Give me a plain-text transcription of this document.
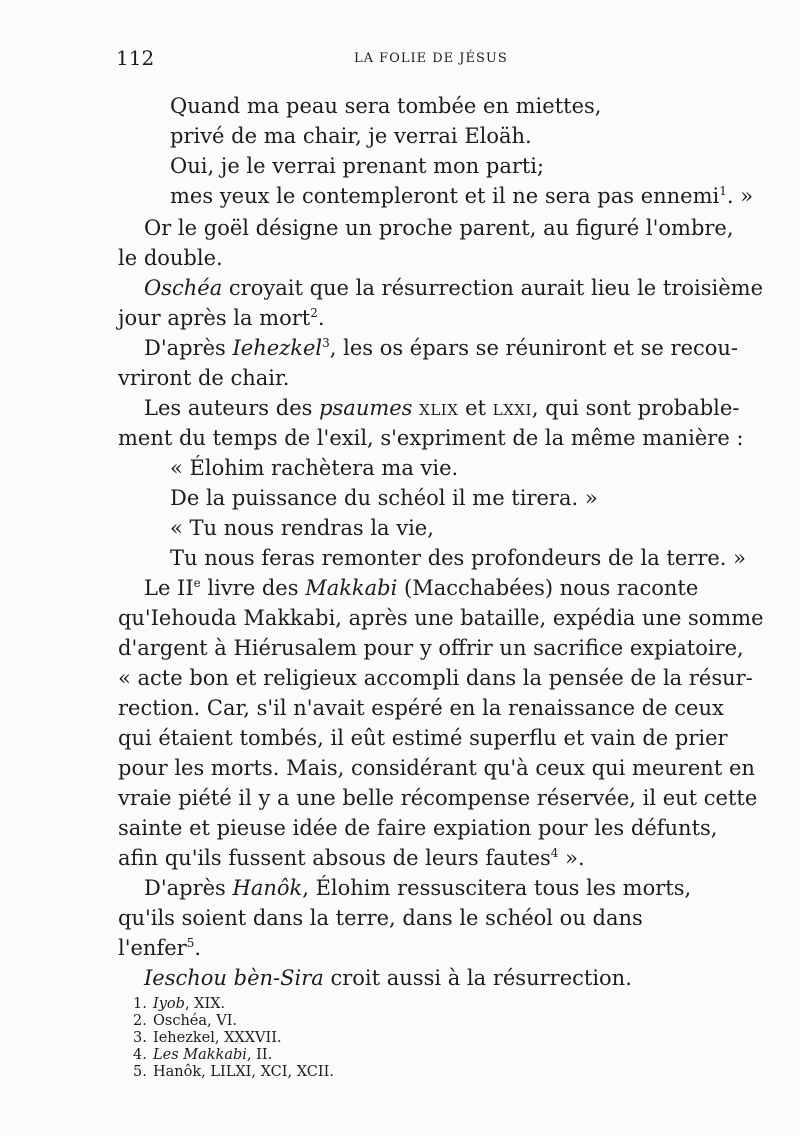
112	LA FOLIE DE JÉSUS
Quand ma peau sera tombée en miettes,
privé de ma chair, je verrai Eloäh.
Oui, je le verrai prenant mon parti;
mes yeux le contempleront et il ne sera pas ennemi$^1$. »
Or le goël désigne un proche parent, au figuré l'ombre,
le double.
Oschéa croyait que la résurrection aurait lieu le troisième
jour après la mort$^2$.
D'après Iehezkel$^3$, les os épars se réuniront et se recou-
vriront de chair.
Les auteurs des psaumes XLIX et LXXI, qui sont probable-
ment du temps de l'exil, s'expriment de la même manière :
« Élohim rachètera ma vie.
De la puissance du schéol il me tirera. »
« Tu nous rendras la vie,
Tu nous feras remonter des profondeurs de la terre. »
Le IIe livre des Makkabi (Macchabées) nous raconte
qu'Iehouda Makkabi, après une bataille, expédia une somme
d'argent à Hiérusalem pour y offrir un sacrifice expiatoire,
« acte bon et religieux accompli dans la pensée de la résur-
rection. Car, s'il n'avait espéré en la renaissance de ceux
qui étaient tombés, il eût estimé superflu et vain de prier
pour les morts. Mais, considérant qu'à ceux qui meurent en
vraie piété il y a une belle récompense réservée, il eut cette
sainte et pieuse idée de faire expiation pour les défunts,
afin qu'ils fussent absous de leurs fautes$^4$ ».
D'après Hanôk, Élohim ressuscitera tous les morts,
qu'ils soient dans la terre, dans le schéol ou dans
l'enfer$^5$.
Ieschou bèn-Sira croit aussi à la résurrection.
1. Iyob, XIX.
2. Oschéa, VI.
3. Iehezkel, XXXVII.
4. Les Makkabi, II.
5. Hanôk, LILXI, XCI, XCII.
